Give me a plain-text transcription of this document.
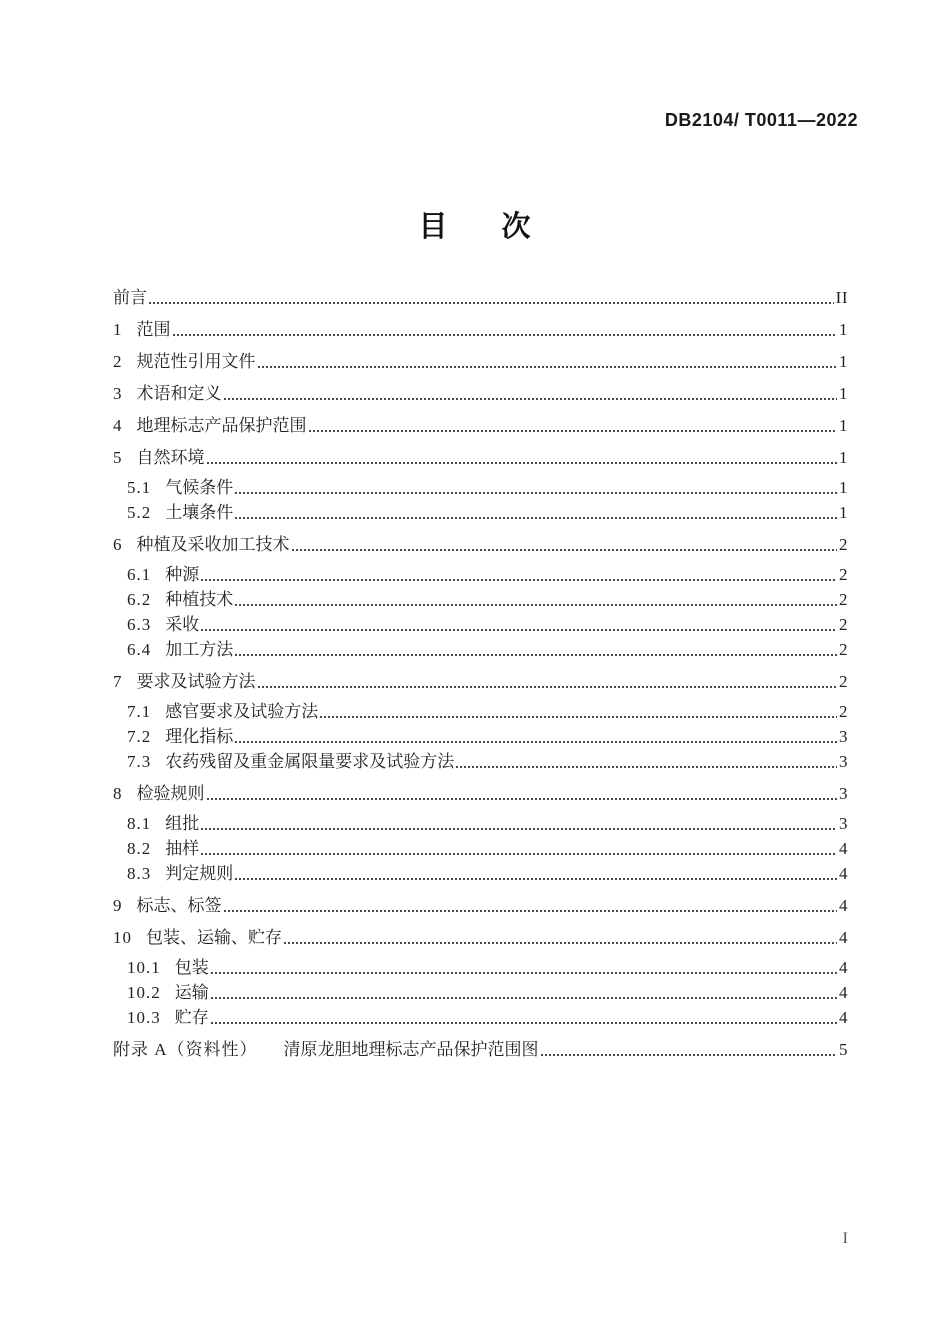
DB2104/ T0011—2022
目 次
前言	II
1 范围	1
2 规范性引用文件	1
3 术语和定义	1
4 地理标志产品保护范围	1
5 自然环境	1
5.1 气候条件	1
5.2 土壤条件	1
6 种植及采收加工技术	2
6.1 种源	2
6.2 种植技术	2
6.3 采收	2
6.4 加工方法	2
7 要求及试验方法	2
7.1 感官要求及试验方法	2
7.2 理化指标	3
7.3 农药残留及重金属限量要求及试验方法	3
8 检验规则	3
8.1 组批	3
8.2 抽样	4
8.3 判定规则	4
9 标志、标签	4
10 包装、运输、贮存	4
10.1 包装	4
10.2 运输	4
10.3 贮存	4
附录 A（资料性） 清原龙胆地理标志产品保护范围图	5
I
